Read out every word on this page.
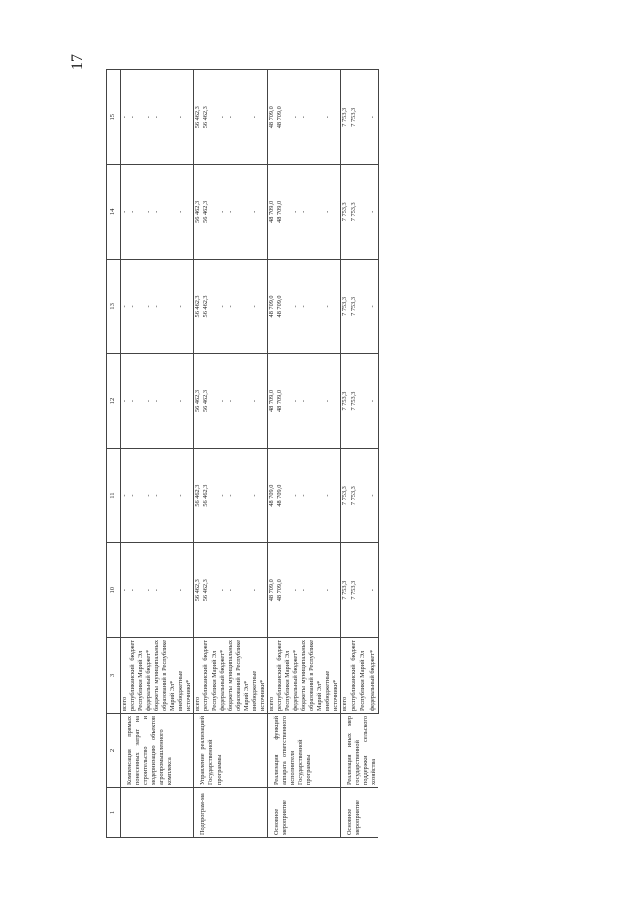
17
1	2	3	10	11	12	13	14	15
	Компенсация прямых понесенных затрат на строительство и модернизацию объектов агропромышленного комплекса	всего	-	-	-	-	-	-
		республиканский бюджет Республики Марий Эл	-	-	-	-	-	-
		федеральный бюджет*	-	-	-	-	-	-
		бюджеты муниципальных образований в Республике Марий Эл*	-	-	-	-	-	-
		внебюджетные источники*	-	-	-	-	-	-
Подпрограм-ма	Управление реализацией Государственной программы	всего	56 462,3	56 462,3	56 462,3	56 462,3	56 462,3	56 462,3
		республиканский бюджет Республики Марий Эл	56 462,3	56 462,3	56 462,3	56 462,3	56 462,3	56 462,3
		федеральный бюджет*	-	-	-	-	-	-
		бюджеты муниципальных образований в Республике Марий Эл*	-	-	-	-	-	-
		внебюджетные источники*	-	-	-	-	-	-
Основное мероприятие	Реализация функций аппарата ответственного исполнителя Государственной программы	всего	48 709,0	48 709,0	48 709,0	48 709,0	48 709,0	48 709,0
		республиканский бюджет Республики Марий Эл	48 709,0	48 709,0	48 709,0	48 709,0	48 709,0	48 709,0
		федеральный бюджет*	-	-	-	-	-	-
		бюджеты муниципальных образований в Республике Марий Эл*	-	-	-	-	-	-
		внебюджетные источники*	-	-	-	-	-	-
Основное мероприятие	Реализация иных мер государственной поддержки сельского хозяйства	всего	7 753,3	7 753,3	7 753,3	7 753,3	7 753,3	7 753,3
		республиканский бюджет Республики Марий Эл	7 753,3	7 753,3	7 753,3	7 753,3	7 753,3	7 753,3
		федеральный бюджет*	-	-	-	-	-	-
